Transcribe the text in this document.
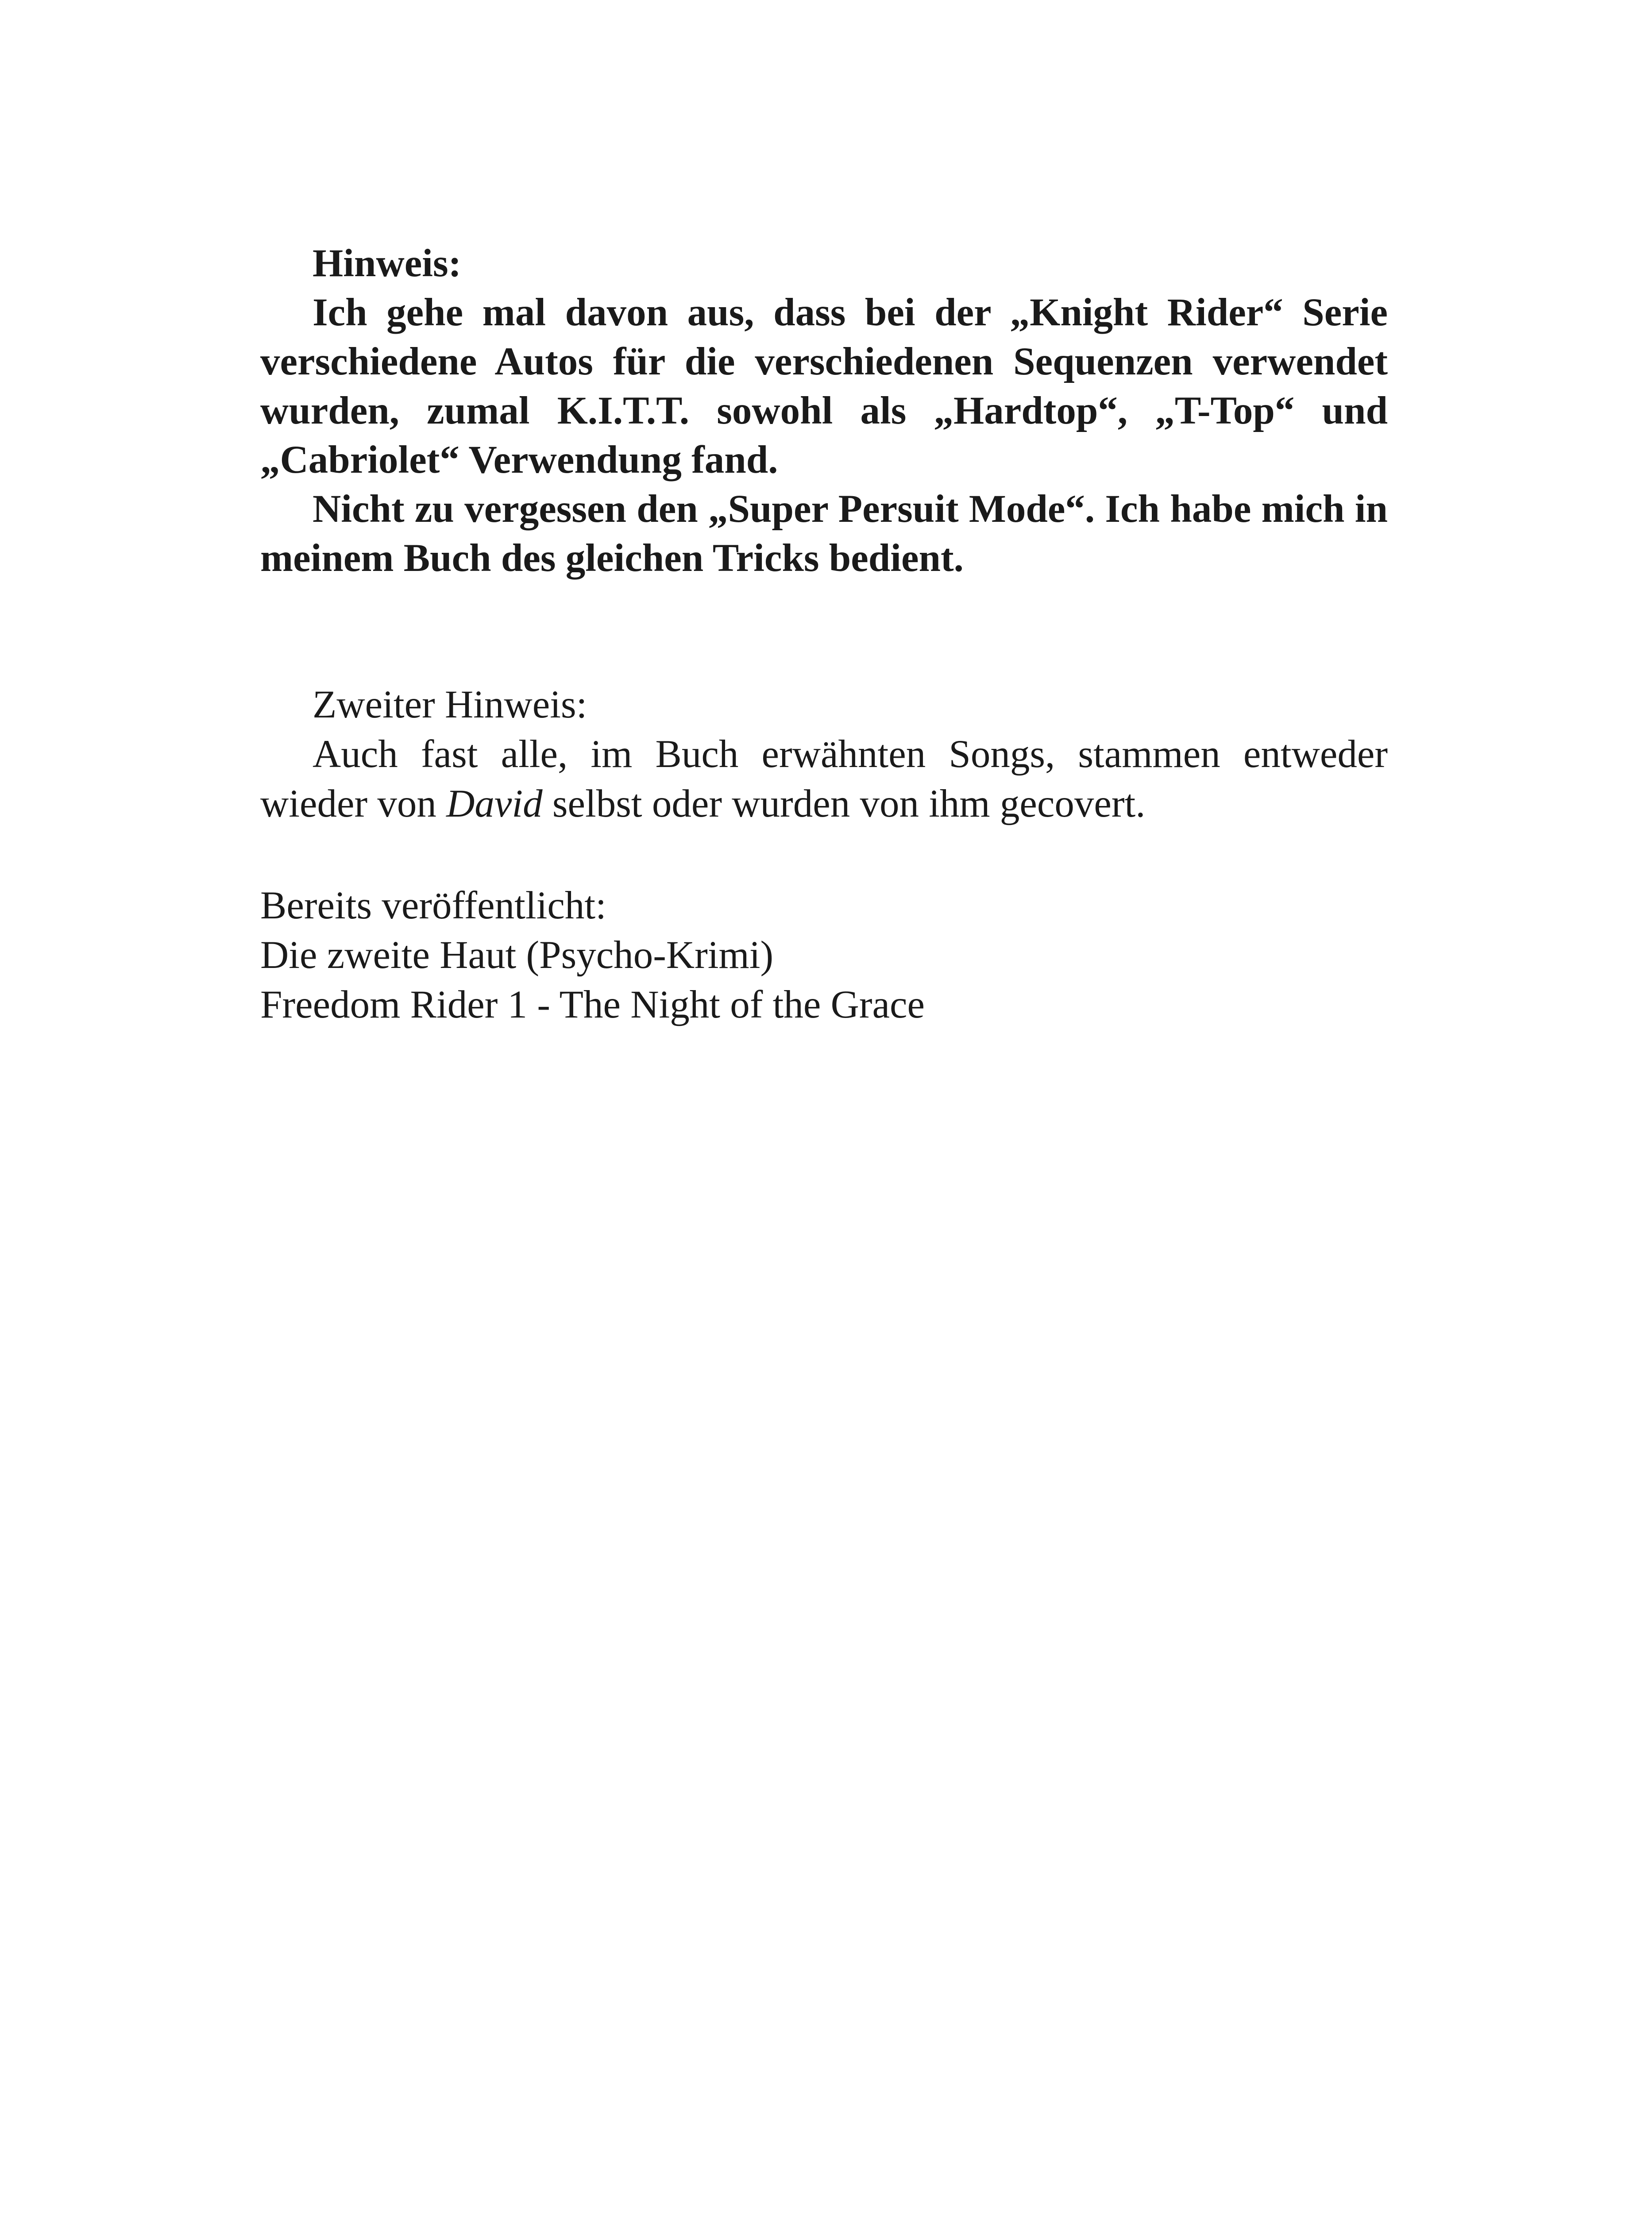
Hinweis:

Ich gehe mal davon aus, dass bei der „Knight Rider“ Serie verschiedene Autos für die verschiedenen Sequenzen verwendet wurden, zumal K.I.T.T. sowohl als „Hardtop“, „T-Top“ und „Cabriolet“ Verwendung fand.

Nicht zu vergessen den „Super Persuit Mode“. Ich habe mich in meinem Buch des gleichen Tricks bedient.

Zweiter Hinweis:

Auch fast alle, im Buch erwähnten Songs, stammen entweder wieder von David selbst oder wurden von ihm gecovert.

Bereits veröffentlicht:

Die zweite Haut (Psycho-Krimi)

Freedom Rider 1 - The Night of the Grace
